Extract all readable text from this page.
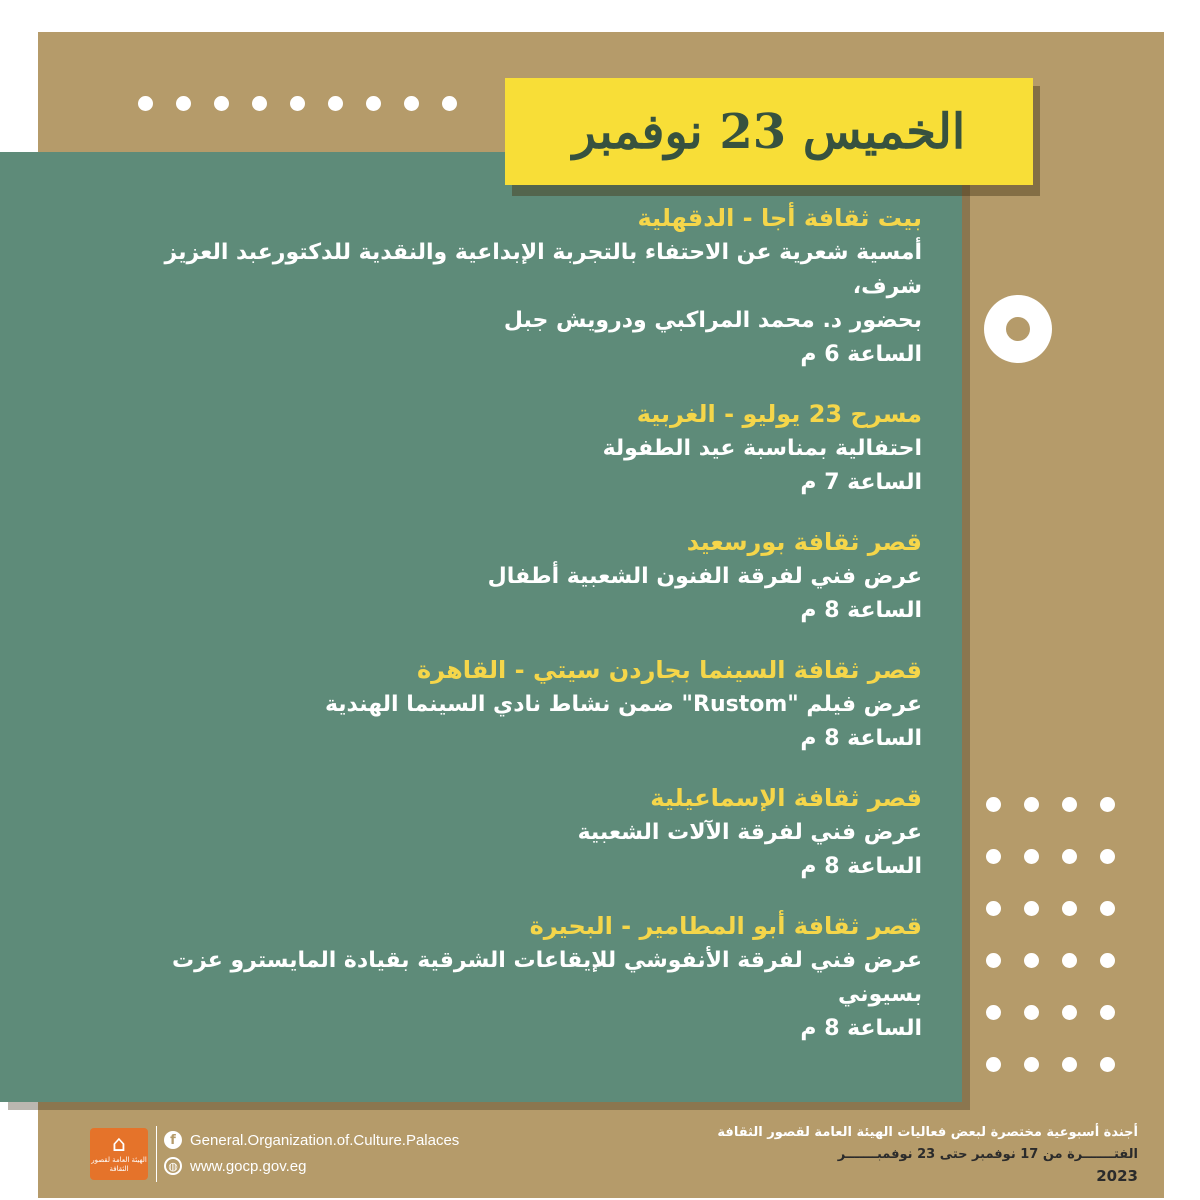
الخميس 23 نوفمبر
بيت ثقافة أجا - الدقهلية
أمسية شعرية عن الاحتفاء بالتجربة الإبداعية والنقدية للدكتورعبد العزيز شرف،
بحضور د. محمد المراكبي ودرويش جبل
الساعة 6 م
مسرح 23 يوليو - الغربية
احتفالية بمناسبة عيد الطفولة
الساعة 7 م
قصر ثقافة بورسعيد
عرض فني لفرقة الفنون الشعبية أطفال
الساعة 8 م
قصر ثقافة السينما بجاردن سيتي - القاهرة
عرض فيلم "Rustom" ضمن نشاط نادي السينما الهندية
الساعة 8 م
قصر ثقافة الإسماعيلية
عرض فني لفرقة الآلات الشعبية
الساعة 8 م
قصر ثقافة أبو المطامير - البحيرة
عرض فني لفرقة الأنفوشي للإيقاعات الشرقية بقيادة المايسترو عزت بسيوني
الساعة 8 م
⌂
الهيئة العامة لقصور الثقافة
f General.Organization.of.Culture.Palaces
◍ www.gocp.gov.eg
أجندة أسبوعية مختصرة لبعض فعاليات الهيئة العامة لقصور الثقافة
الفتـــــــرة من 17 نوفمبر حتى 23 نوفمبـــــــر
2023
